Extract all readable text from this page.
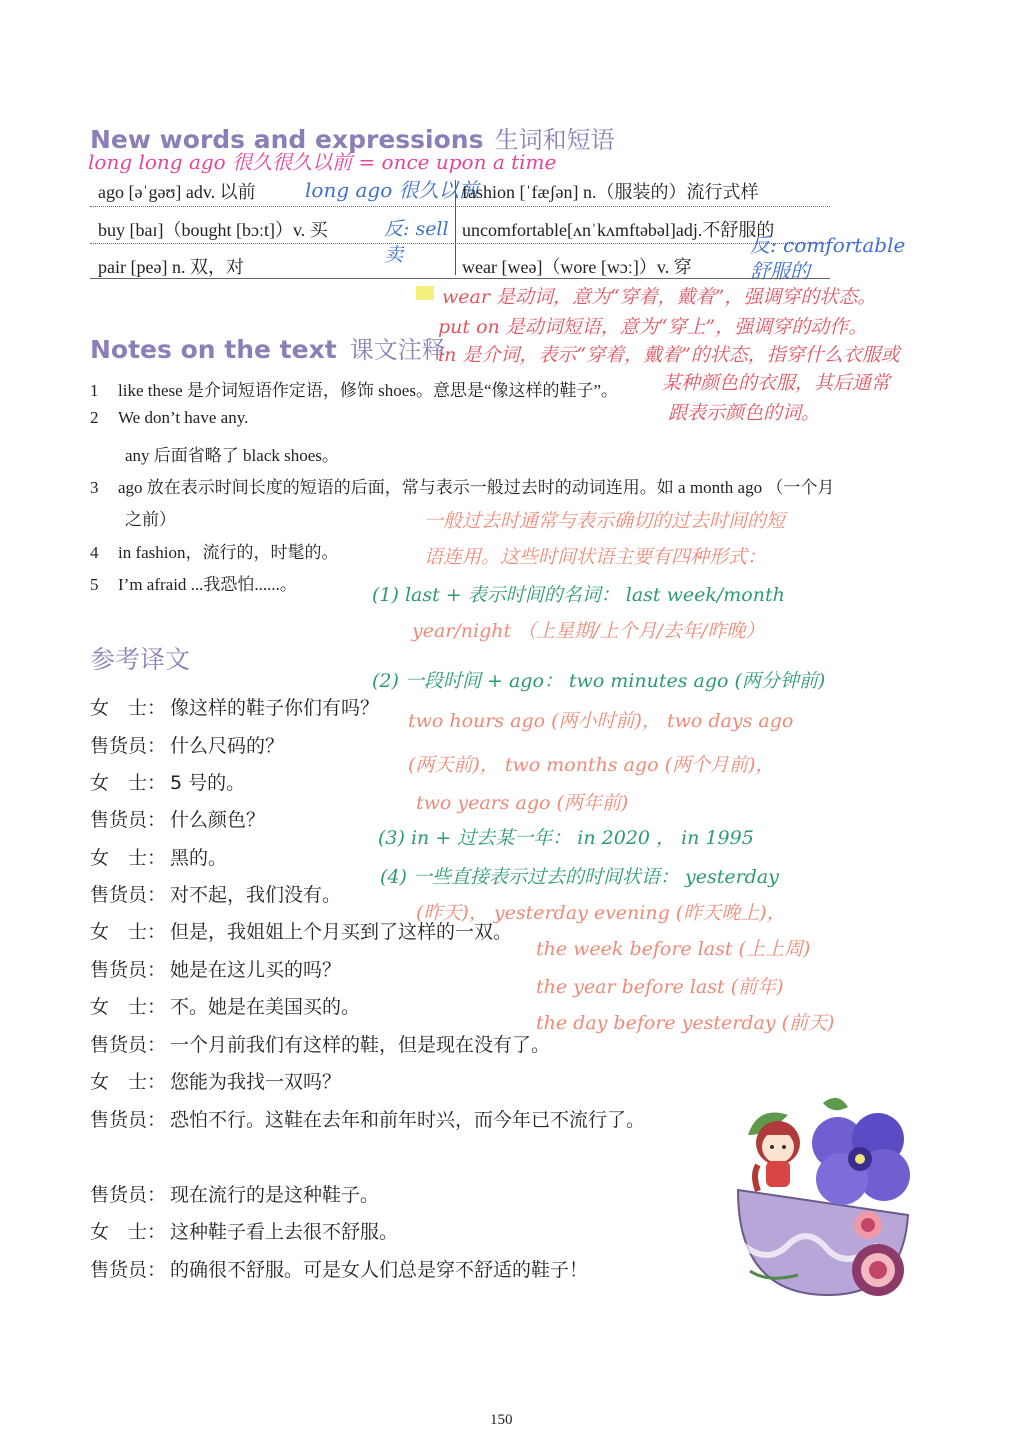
New words and expressions 生词和短语
long long ago 很久很久以前 = once upon a time
ago [əˈgəʊ] adv. 以前 long ago 很久以前
fashion [ˈfæʃən] n.（服装的）流行式样
buy [baɪ]（bought [bɔːt]）v. 买	反: sell 卖
uncomfortable[ʌnˈkʌmftəbəl]adj.不舒服的
pair [peə] n. 双，对	wear [weə]（wore [wɔː]）v. 穿
反: comfortable 舒服的
wear 是动词，意为“穿着，戴着”，强调穿的状态。
put on 是动词短语，意为“穿上”，强调穿的动作。
in 是介词，表示“穿着，戴着”的状态，指穿什么衣服或
某种颜色的衣服，其后通常
跟表示颜色的词。
Notes on the text 课文注释
1 like these 是介词短语作定语，修饰 shoes。意思是“像这样的鞋子”。
2 We don’t have any.
any 后面省略了 black shoes。
3 ago 放在表示时间长度的短语的后面，常与表示一般过去时的动词连用。如 a month ago （一个月
之前）
4 in fashion，流行的，时髦的。
5 I’m afraid ...我恐怕......。
一般过去时通常与表示确切的过去时间的短
语连用。这些时间状语主要有四种形式：
(1) last + 表示时间的名词： last week/month
year/night （上星期/上个月/去年/昨晚）
(2) 一段时间 + ago： two minutes ago (两分钟前)
two hours ago (两小时前)， two days ago
(两天前)， two months ago (两个月前)，
two years ago (两年前)
(3) in + 过去某一年： in 2020 ， in 1995
(4) 一些直接表示过去的时间状语： yesterday
(昨天)， yesterday evening (昨天晚上)，
the week before last (上上周)
the year before last (前年)
the day before yesterday (前天)
参考译文
女　士： 像这样的鞋子你们有吗？
售货员： 什么尺码的？
女　士： 5 号的。
售货员： 什么颜色？
女　士： 黑的。
售货员： 对不起，我们没有。
女　士： 但是，我姐姐上个月买到了这样的一双。
售货员： 她是在这儿买的吗？
女　士： 不。她是在美国买的。
售货员： 一个月前我们有这样的鞋，但是现在没有了。
女　士： 您能为我找一双吗？
售货员： 恐怕不行。这鞋在去年和前年时兴，而今年已不流行了。
售货员： 现在流行的是这种鞋子。
女　士： 这种鞋子看上去很不舒服。
售货员： 的确很不舒服。可是女人们总是穿不舒适的鞋子！
150
